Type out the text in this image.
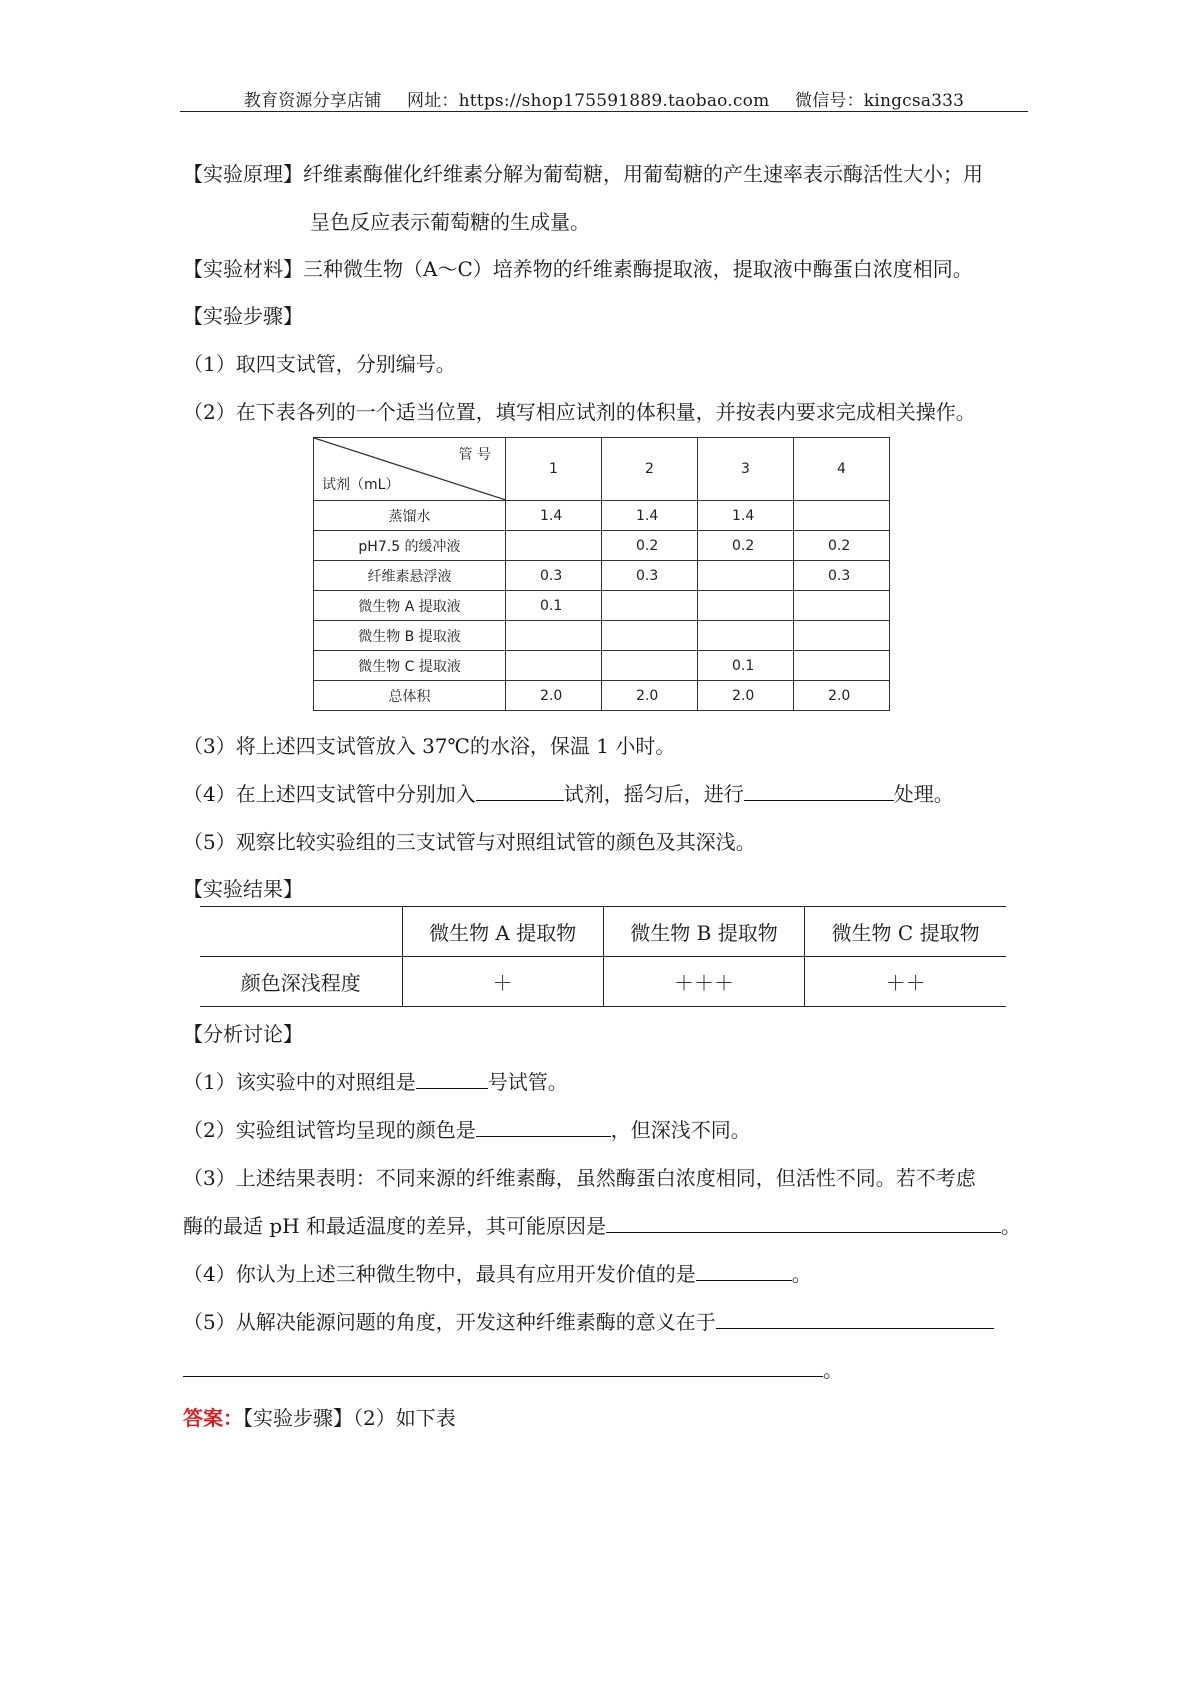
教育资源分享店铺 网址：https://shop175591889.taobao.com 微信号：kingcsa333
【实验原理】纤维素酶催化纤维素分解为葡萄糖，用葡萄糖的产生速率表示酶活性大小；用
呈色反应表示葡萄糖的生成量。
【实验材料】三种微生物（A～C）培养物的纤维素酶提取液，提取液中酶蛋白浓度相同。
【实验步骤】
（1）取四支试管，分别编号。
（2）在下表各列的一个适当位置，填写相应试剂的体积量，并按表内要求完成相关操作。
管 号
试剂（mL）	1	2	3	4
蒸馏水	1.4	1.4	1.4	
pH7.5 的缓冲液		0.2	0.2	0.2
纤维素悬浮液	0.3	0.3		0.3
微生物 A 提取液	0.1			
微生物 B 提取液				
微生物 C 提取液			0.1	
总体积	2.0	2.0	2.0	2.0
（3）将上述四支试管放入 37℃的水浴，保温 1 小时。
（4）在上述四支试管中分别加入	试剂，摇匀后，进行	处理。
（5）观察比较实验组的三支试管与对照组试管的颜色及其深浅。
【实验结果】
	微生物 A 提取物	微生物 B 提取物	微生物 C 提取物
颜色深浅程度	＋	＋＋＋	＋＋
【分析讨论】
（1）该实验中的对照组是	号试管。
（2）实验组试管均呈现的颜色是	，但深浅不同。
（3）上述结果表明：不同来源的纤维素酶，虽然酶蛋白浓度相同，但活性不同。若不考虑
酶的最适 pH 和最适温度的差异，其可能原因是	。
（4）你认为上述三种微生物中，最具有应用开发价值的是	。
（5）从解决能源问题的角度，开发这种纤维素酶的意义在于
。
答案：【实验步骤】（2）如下表
